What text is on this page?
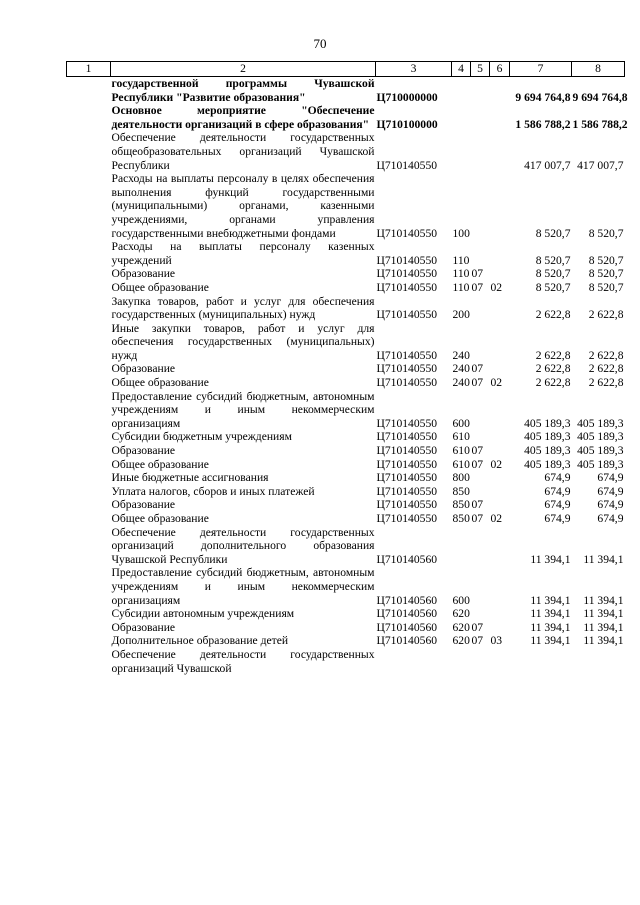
70
1	2	3	4	5	6	7	8
	государственной программы Чувашской Республики "Развитие образования"	Ц710000000				9 694 764,8	9 694 764,8
	Основное мероприятие "Обеспечение деятельности организаций в сфере образования"	Ц710100000				1 586 788,2	1 586 788,2
	Обеспечение деятельности государственных общеобразовательных организаций Чувашской Республики	Ц710140550				417 007,7	417 007,7
	Расходы на выплаты персоналу в целях обеспечения выполнения функций государственными (муниципальными) органами, казенными учреждениями, органами управления государственными внебюджетными фондами	Ц710140550	100			8 520,7	8 520,7
	Расходы на выплаты персоналу казенных учреждений	Ц710140550	110			8 520,7	8 520,7
	Образование	Ц710140550	110	07		8 520,7	8 520,7
	Общее образование	Ц710140550	110	07	02	8 520,7	8 520,7
	Закупка товаров, работ и услуг для обеспечения государственных (муниципальных) нужд	Ц710140550	200			2 622,8	2 622,8
	Иные закупки товаров, работ и услуг для обеспечения государственных (муниципальных) нужд	Ц710140550	240			2 622,8	2 622,8
	Образование	Ц710140550	240	07		2 622,8	2 622,8
	Общее образование	Ц710140550	240	07	02	2 622,8	2 622,8
	Предоставление субсидий бюджетным, автономным учреждениям и иным некоммерческим организациям	Ц710140550	600			405 189,3	405 189,3
	Субсидии бюджетным учреждениям	Ц710140550	610			405 189,3	405 189,3
	Образование	Ц710140550	610	07		405 189,3	405 189,3
	Общее образование	Ц710140550	610	07	02	405 189,3	405 189,3
	Иные бюджетные ассигнования	Ц710140550	800			674,9	674,9
	Уплата налогов, сборов и иных платежей	Ц710140550	850			674,9	674,9
	Образование	Ц710140550	850	07		674,9	674,9
	Общее образование	Ц710140550	850	07	02	674,9	674,9
	Обеспечение деятельности государственных организаций дополнительного образования Чувашской Республики	Ц710140560				11 394,1	11 394,1
	Предоставление субсидий бюджетным, автономным учреждениям и иным некоммерческим организациям	Ц710140560	600			11 394,1	11 394,1
	Субсидии автономным учреждениям	Ц710140560	620			11 394,1	11 394,1
	Образование	Ц710140560	620	07		11 394,1	11 394,1
	Дополнительное образование детей	Ц710140560	620	07	03	11 394,1	11 394,1
	Обеспечение деятельности государственных организаций Чувашской						
